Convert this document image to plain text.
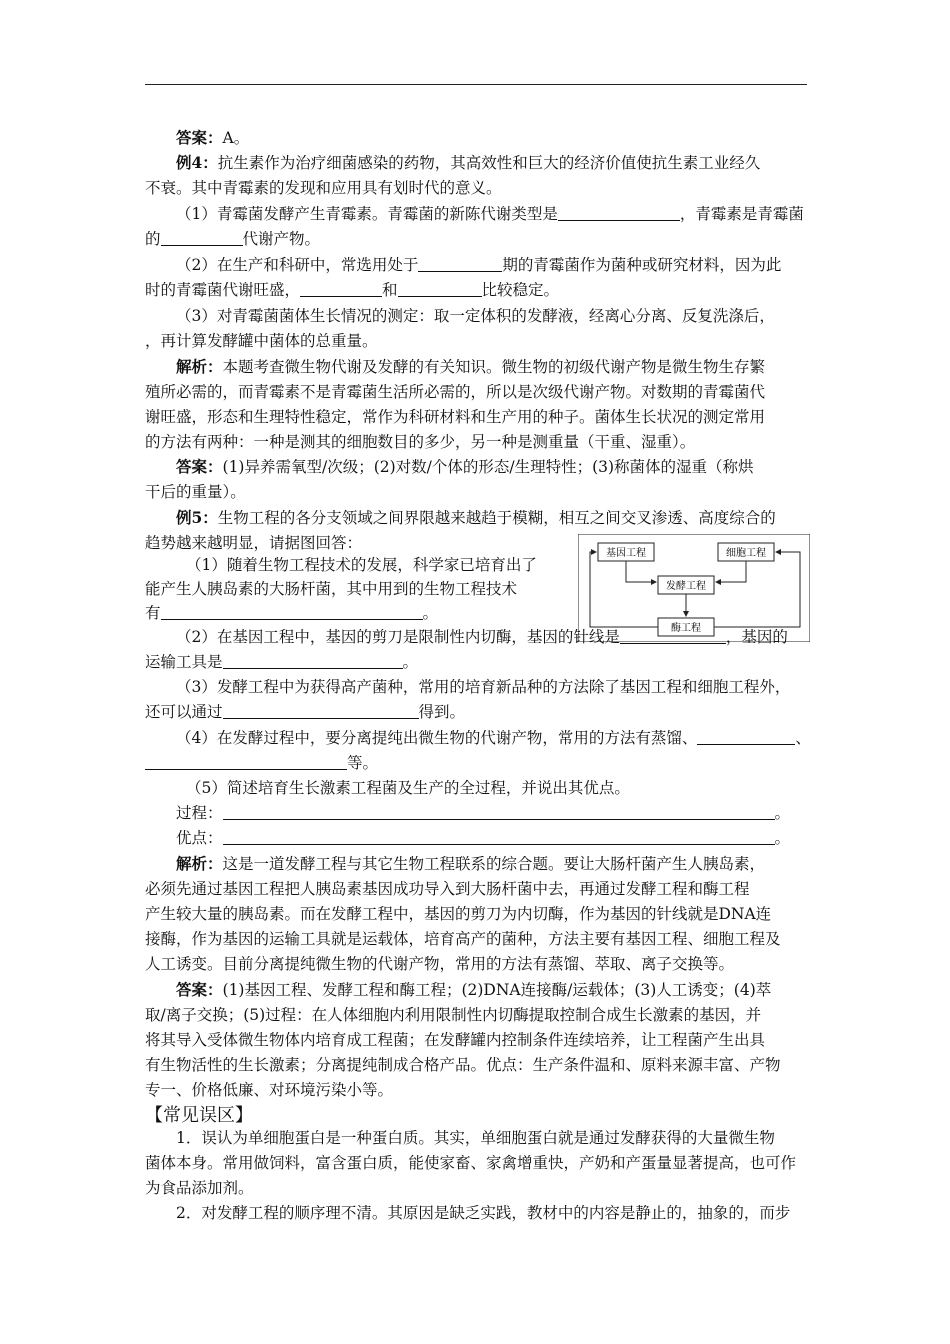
答案：A。
例4：抗生素作为治疗细菌感染的药物，其高效性和巨大的经济价值使抗生素工业经久
不衰。其中青霉素的发现和应用具有划时代的意义。
（1）青霉菌发酵产生青霉素。青霉菌的新陈代谢类型是	，青霉素是青霉菌
的	代谢产物。
（2）在生产和科研中，常选用处于	期的青霉菌作为菌种或研究材料，因为此
时的青霉菌代谢旺盛，	和	比较稳定。
（3）对青霉菌菌体生长情况的测定：取一定体积的发酵液，经离心分离、反复洗涤后，
，再计算发酵罐中菌体的总重量。
解析：本题考查微生物代谢及发酵的有关知识。微生物的初级代谢产物是微生物生存繁
殖所必需的，而青霉素不是青霉菌生活所必需的，所以是次级代谢产物。对数期的青霉菌代
谢旺盛，形态和生理特性稳定，常作为科研材料和生产用的种子。菌体生长状况的测定常用
的方法有两种：一种是测其的细胞数目的多少，另一种是测重量（干重、湿重）。
答案：(1)异养需氧型/次级；(2)对数/个体的形态/生理特性；(3)称菌体的湿重（称烘
干后的重量）。
例5：生物工程的各分支领域之间界限越来越趋于模糊，相互之间交叉渗透、高度综合的
趋势越来越明显，请据图回答：
（1）随着生物工程技术的发展，科学家已培育出了
能产生人胰岛素的大肠杆菌，其中用到的生物工程技术
有	。
基因工程	细胞工程
发酵工程
酶工程
（2）在基因工程中，基因的剪刀是限制性内切酶，基因的针线是	，基因的
运输工具是	。
（3）发酵工程中为获得高产菌种，常用的培育新品种的方法除了基因工程和细胞工程外，
还可以通过	得到。
（4）在发酵过程中，要分离提纯出微生物的代谢产物，常用的方法有蒸馏、	、
等。
（5）简述培育生长激素工程菌及生产的全过程，并说出其优点。
过程：	。
优点：	。
解析：这是一道发酵工程与其它生物工程联系的综合题。要让大肠杆菌产生人胰岛素，
必须先通过基因工程把人胰岛素基因成功导入到大肠杆菌中去，再通过发酵工程和酶工程
产生较大量的胰岛素。而在发酵工程中，基因的剪刀为内切酶，作为基因的针线就是DNA连
接酶，作为基因的运输工具就是运载体，培育高产的菌种，方法主要有基因工程、细胞工程及
人工诱变。目前分离提纯微生物的代谢产物，常用的方法有蒸馏、萃取、离子交换等。
答案：(1)基因工程、发酵工程和酶工程；(2)DNA连接酶/运载体；(3)人工诱变；(4)萃
取/离子交换；(5)过程：在人体细胞内利用限制性内切酶提取控制合成生长激素的基因，并
将其导入受体微生物体内培育成工程菌；在发酵罐内控制条件连续培养，让工程菌产生出具
有生物活性的生长激素；分离提纯制成合格产品。优点：生产条件温和、原料来源丰富、产物
专一、价格低廉、对环境污染小等。
【常见误区】
1．误认为单细胞蛋白是一种蛋白质。其实，单细胞蛋白就是通过发酵获得的大量微生物
菌体本身。常用做饲料，富含蛋白质，能使家畜、家禽增重快，产奶和产蛋量显著提高，也可作
为食品添加剂。
2．对发酵工程的顺序理不清。其原因是缺乏实践，教材中的内容是静止的，抽象的，而步
